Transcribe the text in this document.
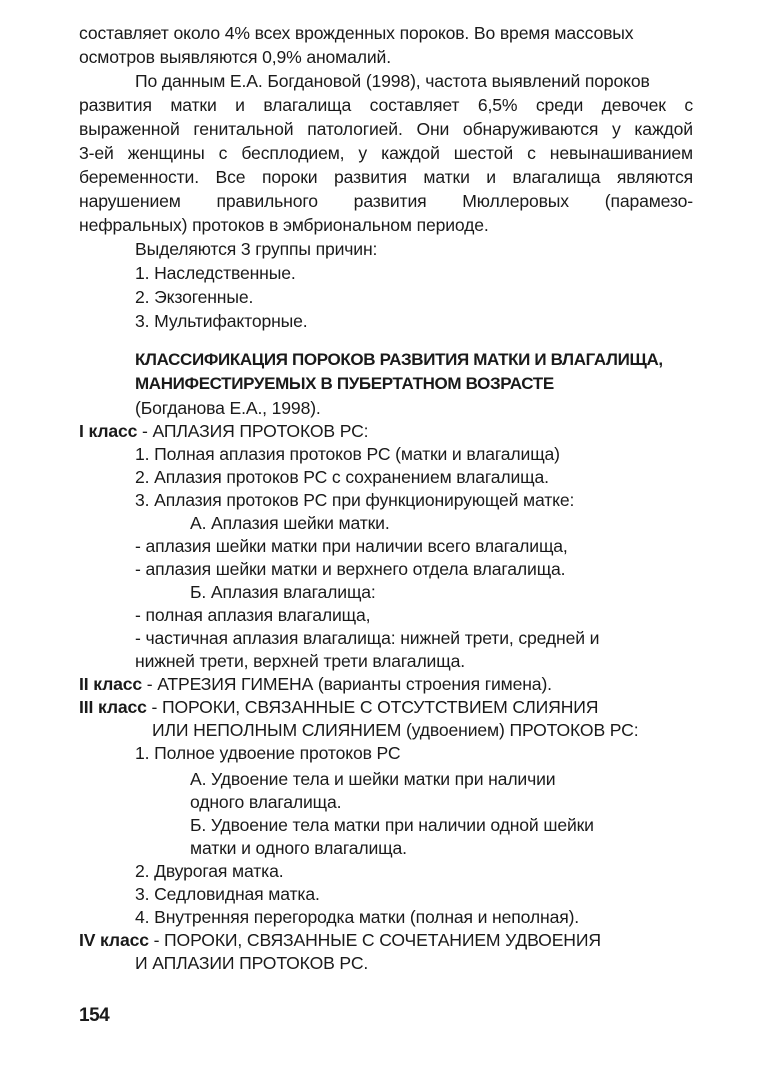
составляет около 4% всех врожденных пороков. Во время массовых
осмотров выявляются 0,9% аномалий.
По данным Е.А. Богдановой (1998), частота выявлений пороков
развития матки и влагалища составляет 6,5% среди девочек с
выраженной генитальной патологией. Они обнаруживаются у каждой
3-ей женщины с бесплодием, у каждой шестой с невынашиванием
беременности. Все пороки развития матки и влагалища являются
нарушением правильного развития Мюллеровых (парамезо-
нефральных) протоков в эмбриональном периоде.
Выделяются 3 группы причин:
1. Наследственные.
2. Экзогенные.
3. Мультифакторные.
КЛАССИФИКАЦИЯ ПОРОКОВ РАЗВИТИЯ МАТКИ И ВЛАГАЛИЩА,
МАНИФЕСТИРУЕМЫХ В ПУБЕРТАТНОМ ВОЗРАСТЕ
(Богданова Е.А., 1998).
I класс - АПЛАЗИЯ ПРОТОКОВ РС:
1. Полная аплазия протоков РС (матки и влагалища)
2. Аплазия протоков РС с сохранением влагалища.
3. Аплазия протоков РС при функционирующей матке:
А. Аплазия шейки матки.
- аплазия шейки матки при наличии всего влагалища,
- аплазия шейки матки и верхнего отдела влагалища.
Б. Аплазия влагалища:
- полная аплазия влагалища,
- частичная аплазия влагалища: нижней трети, средней и
нижней трети, верхней трети влагалища.
II класс - АТРЕЗИЯ ГИМЕНА (варианты строения гимена).
III класс - ПОРОКИ, СВЯЗАННЫЕ С ОТСУТСТВИЕМ СЛИЯНИЯ
ИЛИ НЕПОЛНЫМ СЛИЯНИЕМ (удвоением) ПРОТОКОВ РС:
1. Полное удвоение протоков РС
А. Удвоение тела и шейки матки при наличии
одного влагалища.
Б. Удвоение тела матки при наличии одной шейки
матки и одного влагалища.
2. Двурогая матка.
3. Седловидная матка.
4. Внутренняя перегородка матки (полная и неполная).
IV класс - ПОРОКИ, СВЯЗАННЫЕ С СОЧЕТАНИЕМ УДВОЕНИЯ
И АПЛАЗИИ ПРОТОКОВ РС.
154
